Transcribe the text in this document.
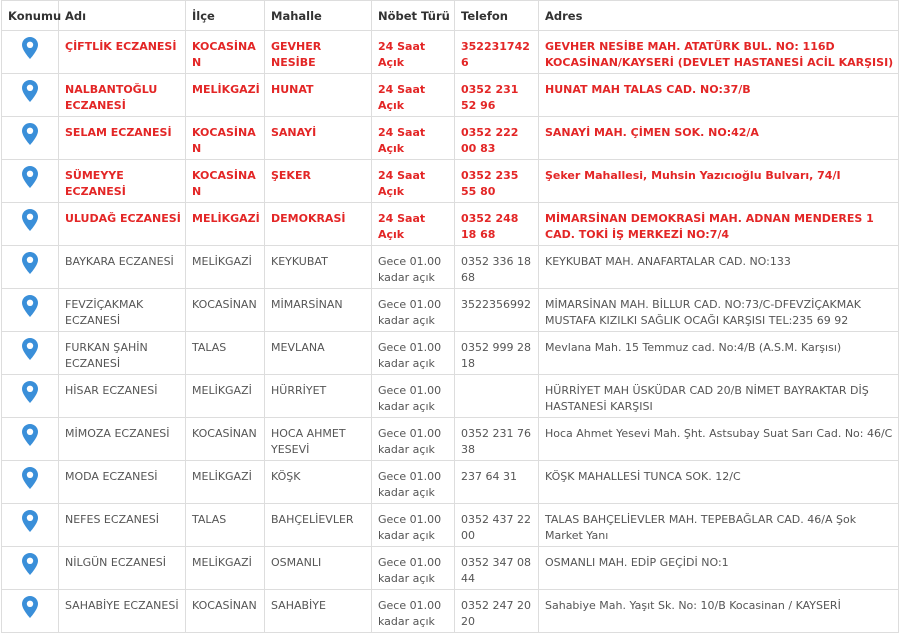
Konumu	Adı	İlçe	Mahalle	Nöbet Türü	Telefon	Adres

	ÇİFTLİK ECZANESİ	KOCASİNAN	GEVHER NESİBE	24 Saat Açık	3522317426	GEVHER NESİBE MAH. ATATÜRK BUL. NO: 116D KOCASİNAN/KAYSERİ (DEVLET HASTANESİ ACİL KARŞISI)

	NALBANTOĞLU ECZANESİ	MELİKGAZİ	HUNAT	24 Saat Açık	0352 231 52 96	HUNAT MAH TALAS CAD. NO:37/B

	SELAM ECZANESİ	KOCASİNAN	SANAYİ	24 Saat Açık	0352 222 00 83	SANAYİ MAH. ÇİMEN SOK. NO:42/A

	SÜMEYYE ECZANESİ	KOCASİNAN	ŞEKER	24 Saat Açık	0352 235 55 80	Şeker Mahallesi, Muhsin Yazıcıoğlu Bulvarı, 74/I

	ULUDAĞ ECZANESİ	MELİKGAZİ	DEMOKRASİ	24 Saat Açık	0352 248 18 68	MİMARSİNAN DEMOKRASİ MAH. ADNAN MENDERES 1 CAD. TOKİ İŞ MERKEZİ NO:7/4

	BAYKARA ECZANESİ	MELİKGAZİ	KEYKUBAT	Gece 01.00 kadar açık	0352 336 18 68	KEYKUBAT MAH. ANAFARTALAR CAD. NO:133

	FEVZİÇAKMAK ECZANESİ	KOCASİNAN	MİMARSİNAN	Gece 01.00 kadar açık	3522356992	MİMARSİNAN MAH. BİLLUR CAD. NO:73/C-DFEVZİÇAKMAK MUSTAFA KIZILKI SAĞLIK OCAĞI KARŞISI TEL:235 69 92

	FURKAN ŞAHİN ECZANESİ	TALAS	MEVLANA	Gece 01.00 kadar açık	0352 999 28 18	Mevlana Mah. 15 Temmuz cad. No:4/B (A.S.M. Karşısı)

	HİSAR ECZANESİ	MELİKGAZİ	HÜRRİYET	Gece 01.00 kadar açık		HÜRRİYET MAH ÜSKÜDAR CAD 20/B NİMET BAYRAKTAR DİŞ HASTANESİ KARŞISI

	MİMOZA ECZANESİ	KOCASİNAN	HOCA AHMET YESEVİ	Gece 01.00 kadar açık	0352 231 76 38	Hoca Ahmet Yesevi Mah. Şht. Astsubay Suat Sarı Cad. No: 46/C

	MODA ECZANESİ	MELİKGAZİ	KÖŞK	Gece 01.00 kadar açık	237 64 31	KÖŞK MAHALLESİ TUNCA SOK. 12/C

	NEFES ECZANESİ	TALAS	BAHÇELİEVLER	Gece 01.00 kadar açık	0352 437 22 00	TALAS BAHÇELİEVLER MAH. TEPEBAĞLAR CAD. 46/A Şok Market Yanı

	NİLGÜN ECZANESİ	MELİKGAZİ	OSMANLI	Gece 01.00 kadar açık	0352 347 08 44	OSMANLI MAH. EDİP GEÇİDİ NO:1

	SAHABİYE ECZANESİ	KOCASİNAN	SAHABİYE	Gece 01.00 kadar açık	0352 247 20 20	Sahabiye Mah. Yaşıt Sk. No: 10/B Kocasinan / KAYSERİ
